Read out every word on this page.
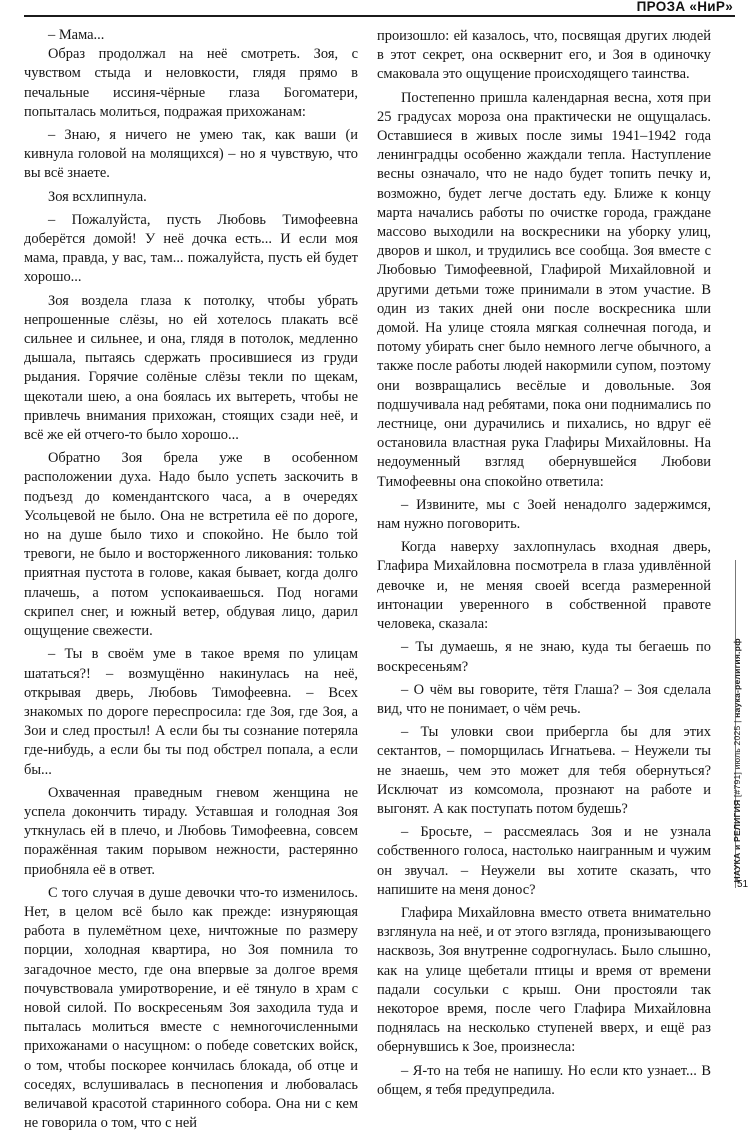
ПРОЗА «НиР»

– Мама...

Образ продолжал на неё смотреть. Зоя, с чувством стыда и неловкости, глядя прямо в печальные иссиня-чёрные глаза Богоматери, попыталась молиться, подражая прихожанам:

– Знаю, я ничего не умею так, как ваши (и кивнула головой на молящихся) – но я чувствую, что вы всё знаете.

Зоя всхлипнула.

– Пожалуйста, пусть Любовь Тимофеевна доберётся домой! У неё дочка есть... И если моя мама, правда, у вас, там... пожалуйста, пусть ей будет хорошо...

Зоя воздела глаза к потолку, чтобы убрать непрошенные слёзы, но ей хотелось плакать всё сильнее и сильнее, и она, глядя в потолок, медленно дышала, пытаясь сдержать просившиеся из груди рыдания. Горячие солёные слёзы текли по щекам, щекотали шею, а она боялась их вытереть, чтобы не привлечь внимания прихожан, стоящих сзади неё, и всё же ей отчего-то было хорошо...

Обратно Зоя брела уже в особенном расположении духа. Надо было успеть заскочить в подъезд до комендантского часа, а в очередях Усольцевой не было. Она не встретила её по дороге, но на душе было тихо и спокойно. Не было той тревоги, не было и восторженного ликования: только приятная пустота в голове, какая бывает, когда долго плачешь, а потом успокаиваешься. Под ногами скрипел снег, и южный ветер, обдувая лицо, дарил ощущение свежести.

– Ты в своём уме в такое время по улицам шататься?! – возмущённо накинулась на неё, открывая дверь, Любовь Тимофеевна. – Всех знакомых по дороге переспросила: где Зоя, где Зоя, а Зои и след простыл! А если бы ты сознание потеряла где-нибудь, а если бы ты под обстрел попала, а если бы...

Охваченная праведным гневом женщина не успела докончить тираду. Уставшая и голодная Зоя уткнулась ей в плечо, и Любовь Тимофеевна, совсем поражённая таким порывом нежности, растерянно приобняла её в ответ.

С того случая в душе девочки что-то изменилось. Нет, в целом всё было как прежде: изнуряющая работа в пулемётном цехе, ничтожные по размеру порции, холодная квартира, но Зоя помнила то загадочное место, где она впервые за долгое время почувствовала умиротворение, и её тянуло в храм с новой силой. По воскресеньям Зоя заходила туда и пыталась молиться вместе с немногочисленными прихожанами о насущном: о победе советских войск, о том, чтобы поскорее кончилась блокада, об отце и соседях, вслушивалась в песнопения и любовалась величавой красотой старинного собора. Она ни с кем не говорила о том, что с ней

произошло: ей казалось, что, посвящая других людей в этот секрет, она осквернит его, и Зоя в одиночку смаковала это ощущение происходящего таинства.

Постепенно пришла календарная весна, хотя при 25 градусах мороза она практически не ощущалась. Оставшиеся в живых после зимы 1941–1942 года ленинградцы особенно жаждали тепла. Наступление весны означало, что не надо будет топить печку и, возможно, будет легче достать еду. Ближе к концу марта начались работы по очистке города, граждане массово выходили на воскресники на уборку улиц, дворов и школ, и трудились все сообща. Зоя вместе с Любовью Тимофеевной, Глафирой Михайловной и другими детьми тоже принимали в этом участие. В один из таких дней они после воскресника шли домой. На улице стояла мягкая солнечная погода, и потому убирать снег было немного легче обычного, а также после работы людей накормили супом, поэтому они возвращались весёлые и довольные. Зоя подшучивала над ребятами, пока они поднимались по лестнице, они дурачились и пихались, но вдруг её остановила властная рука Глафиры Михайловны. На недоуменный взгляд обернувшейся Любови Тимофеевны она спокойно ответила:

– Извините, мы с Зоей ненадолго задержимся, нам нужно поговорить.

Когда наверху захлопнулась входная дверь, Глафира Михайловна посмотрела в глаза удивлённой девочке и, не меняя своей всегда размеренной интонации уверенного в собственной правоте человека, сказала:

– Ты думаешь, я не знаю, куда ты бегаешь по воскресеньям?

– О чём вы говорите, тётя Глаша? – Зоя сделала вид, что не понимает, о чём речь.

– Ты уловки свои прибергла бы для этих сектантов, – поморщилась Игнатьева. – Неужели ты не знаешь, чем это может для тебя обернуться? Исключат из комсомола, прознают на работе и выгонят. А как поступать потом будешь?

– Бросьте, – рассмеялась Зоя и не узнала собственного голоса, настолько наигранным и чужим он звучал. – Неужели вы хотите сказать, что напишите на меня донос?

Глафира Михайловна вместо ответа внимательно взглянула на неё, и от этого взгляда, пронизывающего насквозь, Зоя внутренне содрогнулась. Было слышно, как на улице щебетали птицы и время от времени падали сосульки с крыш. Они простояли так некоторое время, после чего Глафира Михайловна поднялась на несколько ступеней вверх, и ещё раз обернувшись к Зое, произнесла:

– Я-то на тебя не напишу. Но если кто узнает... В общем, я тебя предупредила.

НАУКА и РЕЛИГИЯ [#791] июль 2025 | наука-религия.рф
51
